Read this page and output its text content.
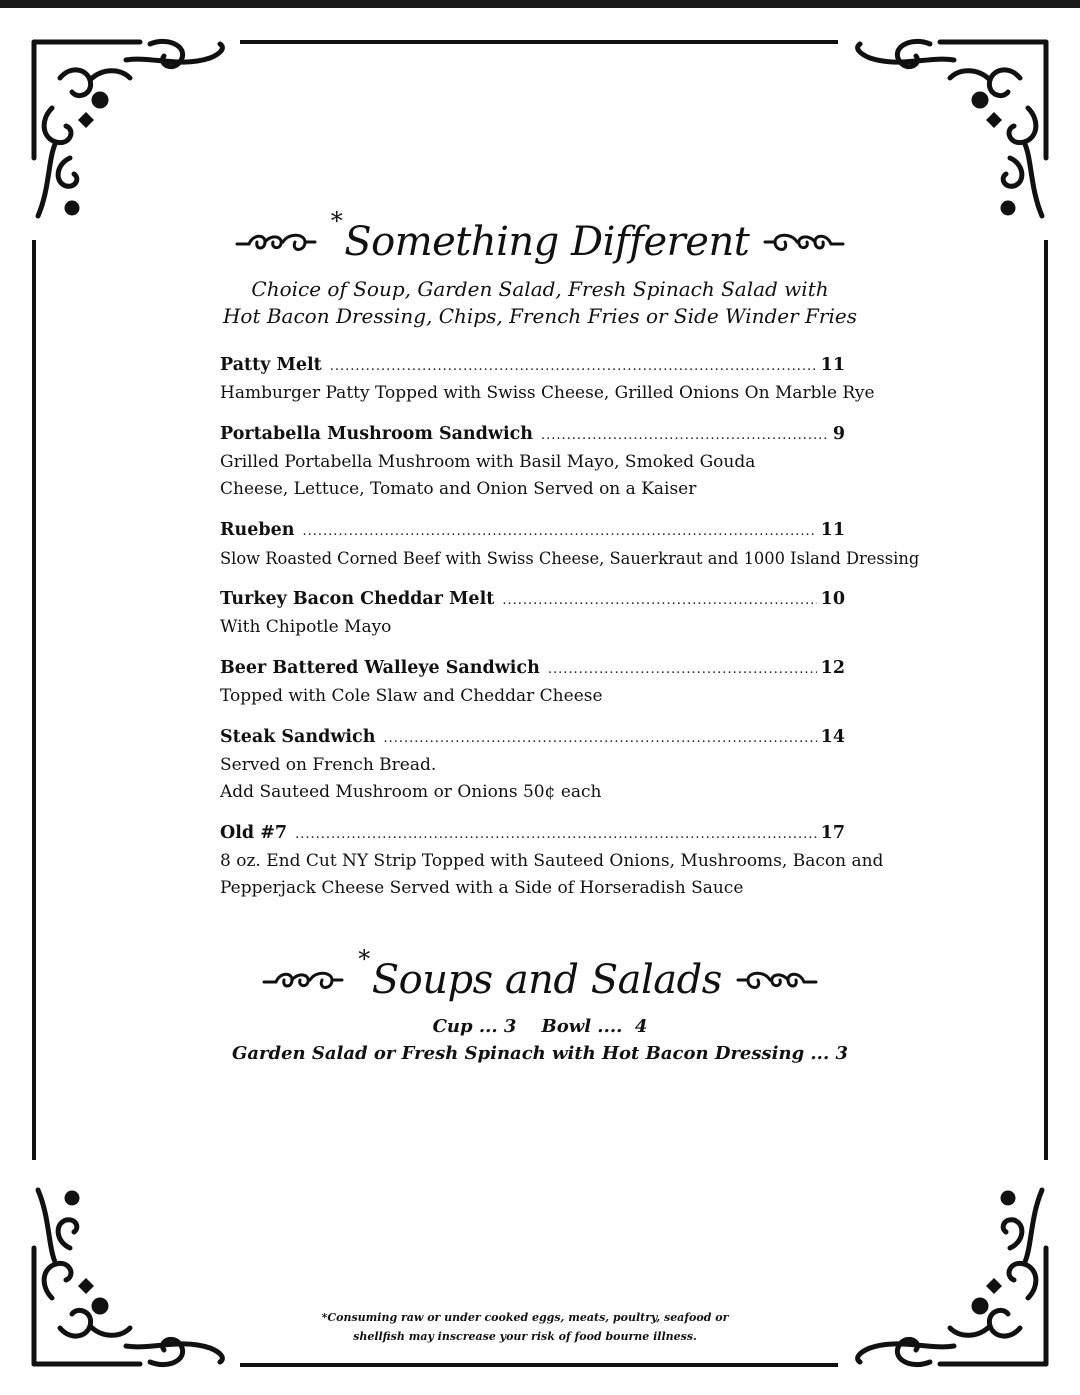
*Something Different
Choice of Soup, Garden Salad, Fresh Spinach Salad with
Hot Bacon Dressing, Chips, French Fries or Side Winder Fries
Patty Melt .....	11
Hamburger Patty Topped with Swiss Cheese, Grilled Onions On Marble Rye
Portabella Mushroom Sandwich .....	9
Grilled Portabella Mushroom with Basil Mayo, Smoked Gouda
Cheese, Lettuce, Tomato and Onion Served on a Kaiser
Rueben .....	11
Slow Roasted Corned Beef with Swiss Cheese, Sauerkraut and 1000 Island Dressing
Turkey Bacon Cheddar Melt .....	10
With Chipotle Mayo
Beer Battered Walleye Sandwich .....	12
Topped with Cole Slaw and Cheddar Cheese
Steak Sandwich .....	14
Served on French Bread.
Add Sauteed Mushroom or Onions 50¢ each
Old #7 .....	17
8 oz. End Cut NY Strip Topped with Sauteed Onions, Mushrooms, Bacon and
Pepperjack Cheese Served with a Side of Horseradish Sauce
*Soups and Salads
Cup ... 3    Bowl ....  4
Garden Salad or Fresh Spinach with Hot Bacon Dressing ... 3
*Consuming raw or under cooked eggs, meats, poultry, seafood or
shellfish may inscrease your risk of food bourne illness.
